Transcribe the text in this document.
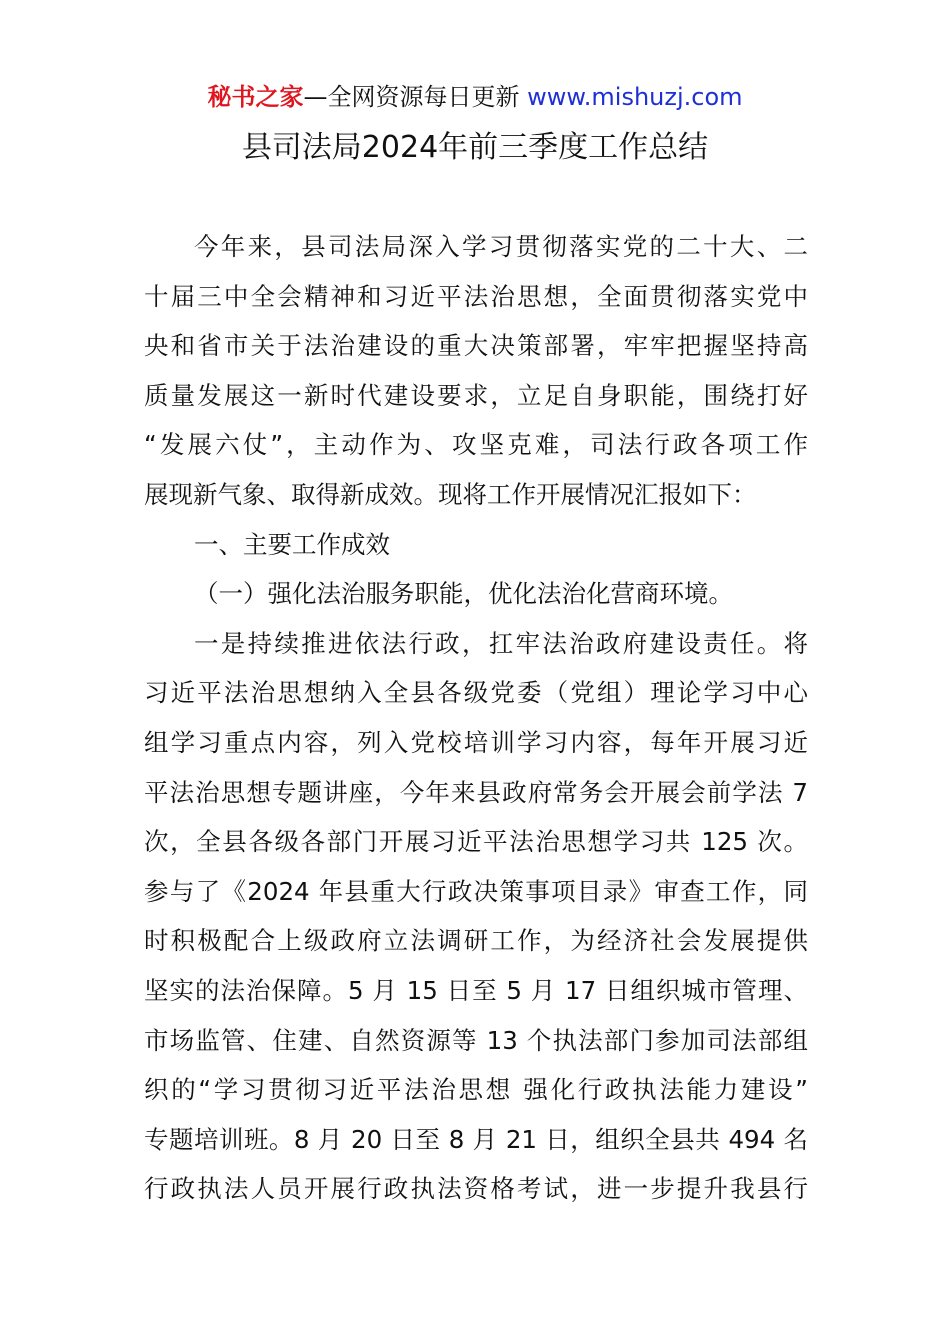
秘书之家—全网资源每日更新 www.mishuzj.com
县司法局2024年前三季度工作总结
今年来，县司法局深入学习贯彻落实党的二十大、二
十届三中全会精神和习近平法治思想，全面贯彻落实党中
央和省市关于法治建设的重大决策部署，牢牢把握坚持高
质量发展这一新时代建设要求，立足自身职能，围绕打好
“发展六仗”，主动作为、攻坚克难，司法行政各项工作
展现新气象、取得新成效。现将工作开展情况汇报如下：
一、主要工作成效
（一）强化法治服务职能，优化法治化营商环境。
一是持续推进依法行政，扛牢法治政府建设责任。将
习近平法治思想纳入全县各级党委（党组）理论学习中心
组学习重点内容，列入党校培训学习内容，每年开展习近
平法治思想专题讲座，今年来县政府常务会开展会前学法 7
次，全县各级各部门开展习近平法治思想学习共 125 次。
参与了《2024 年县重大行政决策事项目录》审查工作，同
时积极配合上级政府立法调研工作，为经济社会发展提供
坚实的法治保障。5 月 15 日至 5 月 17 日组织城市管理、
市场监管、住建、自然资源等 13 个执法部门参加司法部组
织的“学习贯彻习近平法治思想 强化行政执法能力建设”
专题培训班。8 月 20 日至 8 月 21 日，组织全县共 494 名
行政执法人员开展行政执法资格考试，进一步提升我县行
